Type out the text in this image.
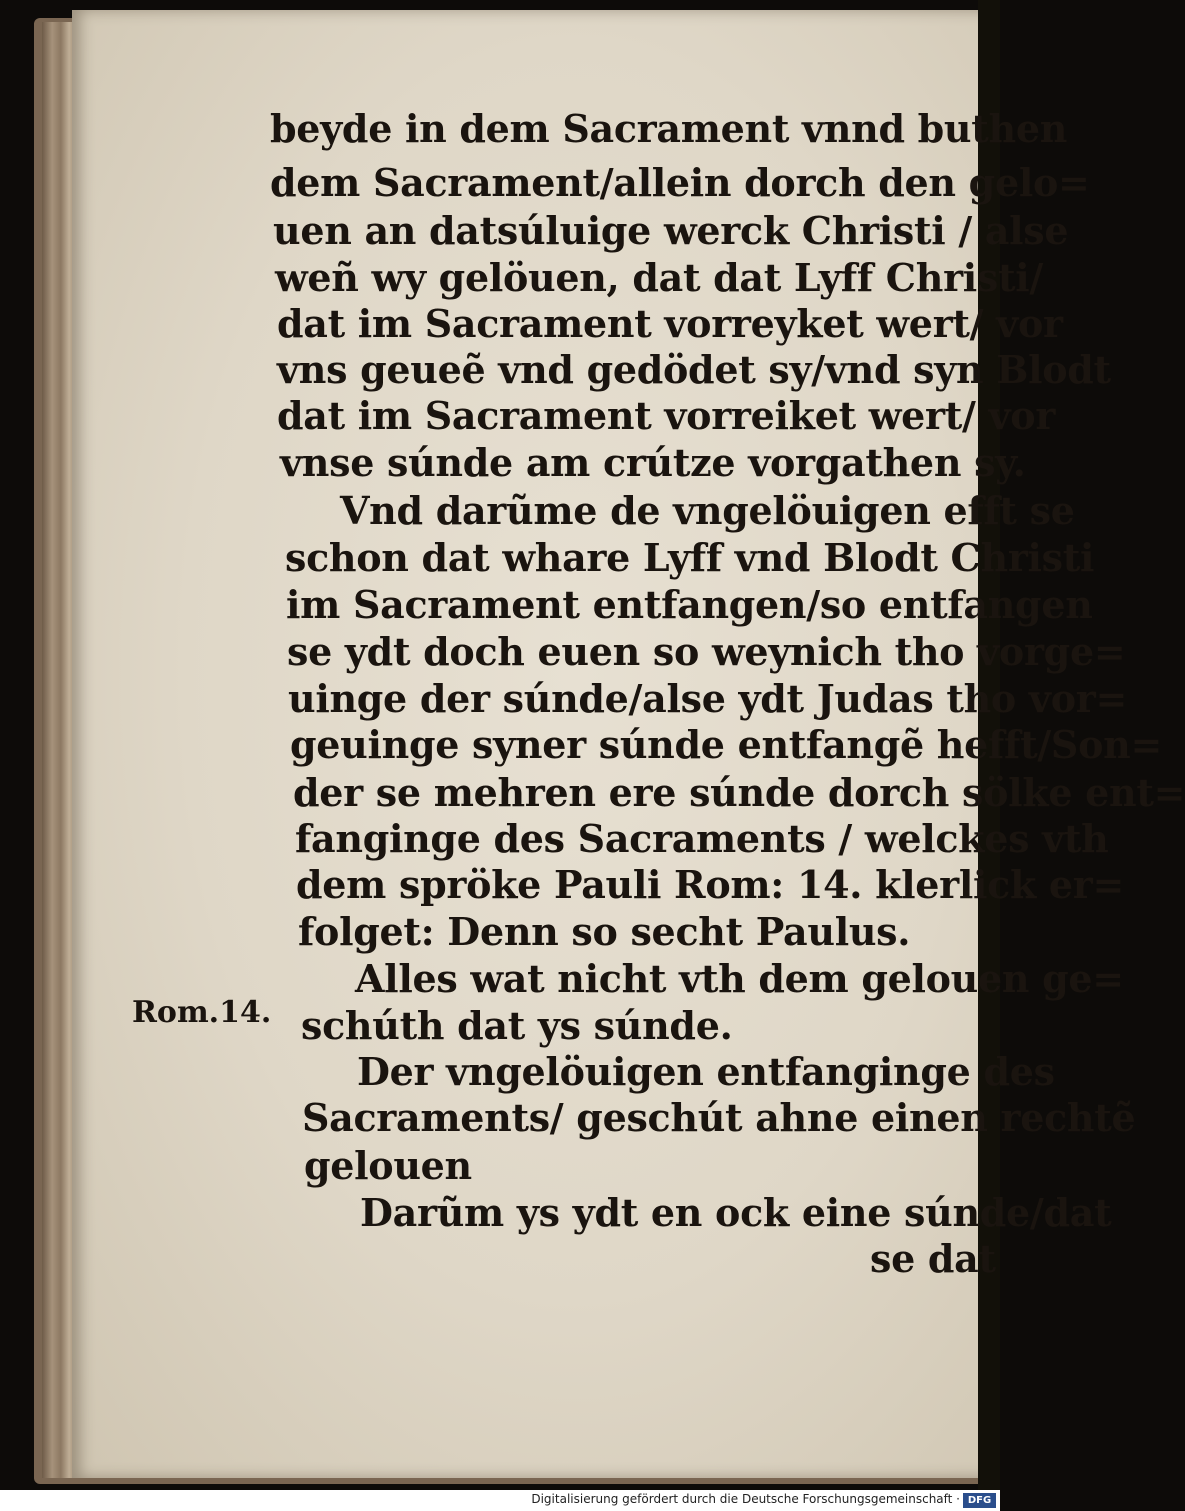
beyde in dem Sacrament vnnd buthen
dem Sacrament/allein dorch den gelo=
uen an datsúluige werck Christi / alse
weñ wy gelöuen, dat dat Lyff Christi/
dat im Sacrament vorreyket wert/ vor
vns geueẽ vnd gedödet sy/vnd syn Blodt
dat im Sacrament vorreiket wert/ vor
vnse súnde am crútze vorgathen sy.
Vnd darũme de vngelöuigen efft se
schon dat whare Lyff vnd Blodt Christi
im Sacrament entfangen/so entfangen
se ydt doch euen so weynich tho vorge=
uinge der súnde/alse ydt Judas tho vor=
geuinge syner súnde entfangẽ hefft/Son=
der se mehren ere súnde dorch sölke ent=
fanginge des Sacraments / welckes vth
dem spröke Pauli Rom: 14. klerlick er=
folget: Denn so secht Paulus.
Alles wat nicht vth dem gelouen ge=
schúth dat ys súnde.
Der vngelöuigen entfanginge des
Sacraments/ geschút ahne einen rechtẽ
gelouen
Darũm ys ydt en ock eine súnde/dat
se dat
Rom.14.
Digitalisierung gefördert durch die Deutsche Forschungsgemeinschaft · DFG
